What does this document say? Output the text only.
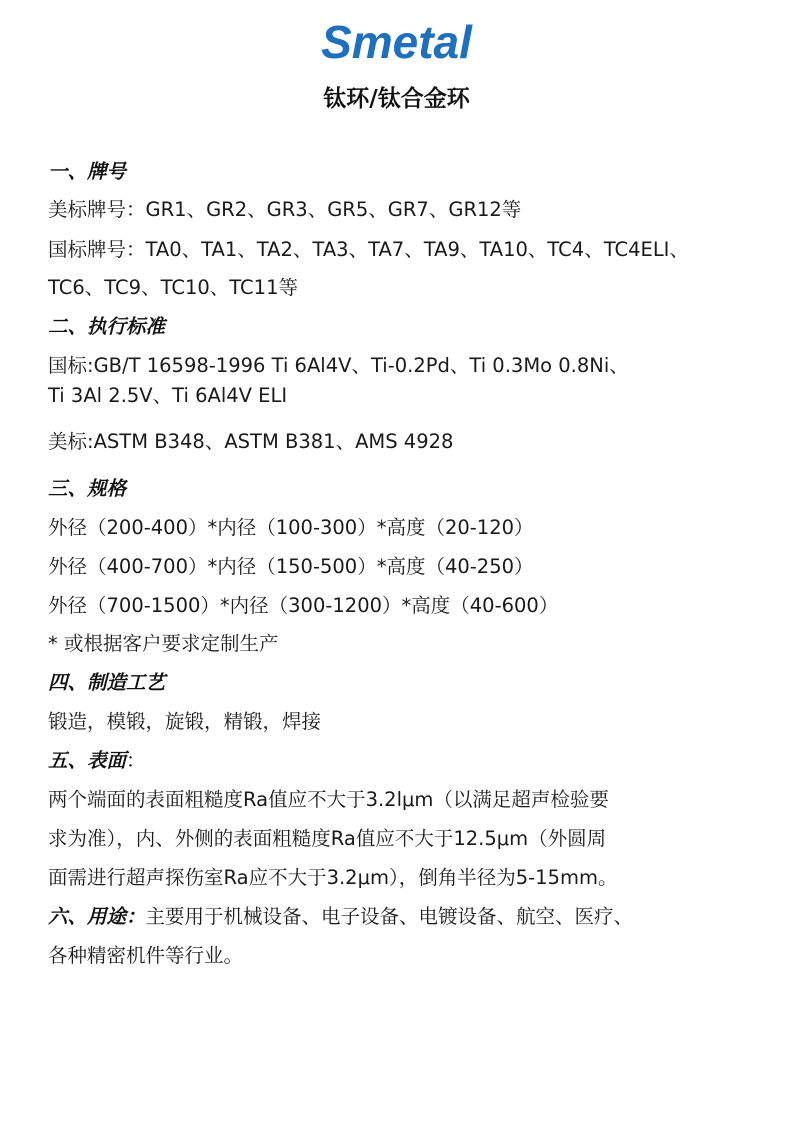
Smetal
钛环/钛合金环
一、牌号
美标牌号：GR1、GR2、GR3、GR5、GR7、GR12等
国标牌号：TA0、TA1、TA2、TA3、TA7、TA9、TA10、TC4、TC4ELI、
TC6、TC9、TC10、TC11等
二、执行标准
国标:GB/T 16598-1996 Ti 6Al4V、Ti-0.2Pd、Ti 0.3Mo 0.8Ni、
Ti 3Al 2.5V、Ti 6Al4V ELI
美标:ASTM B348、ASTM B381、AMS 4928
三、规格
外径（200-400）*内径（100-300）*高度（20-120）
外径（400-700）*内径（150-500）*高度（40-250）
外径（700-1500）*内径（300-1200）*高度（40-600）
* 或根据客户要求定制生产
四、制造工艺
锻造，模锻，旋锻，精锻，焊接
五、表面：
两个端面的表面粗糙度Ra值应不大于3.2lμm（以满足超声检验要
求为准），内、外侧的表面粗糙度Ra值应不大于12.5μm（外圆周
面需进行超声探伤室Ra应不大于3.2μm），倒角半径为5-15mm。
六、用途：主要用于机械设备、电子设备、电镀设备、航空、医疗、
各种精密机件等行业。
